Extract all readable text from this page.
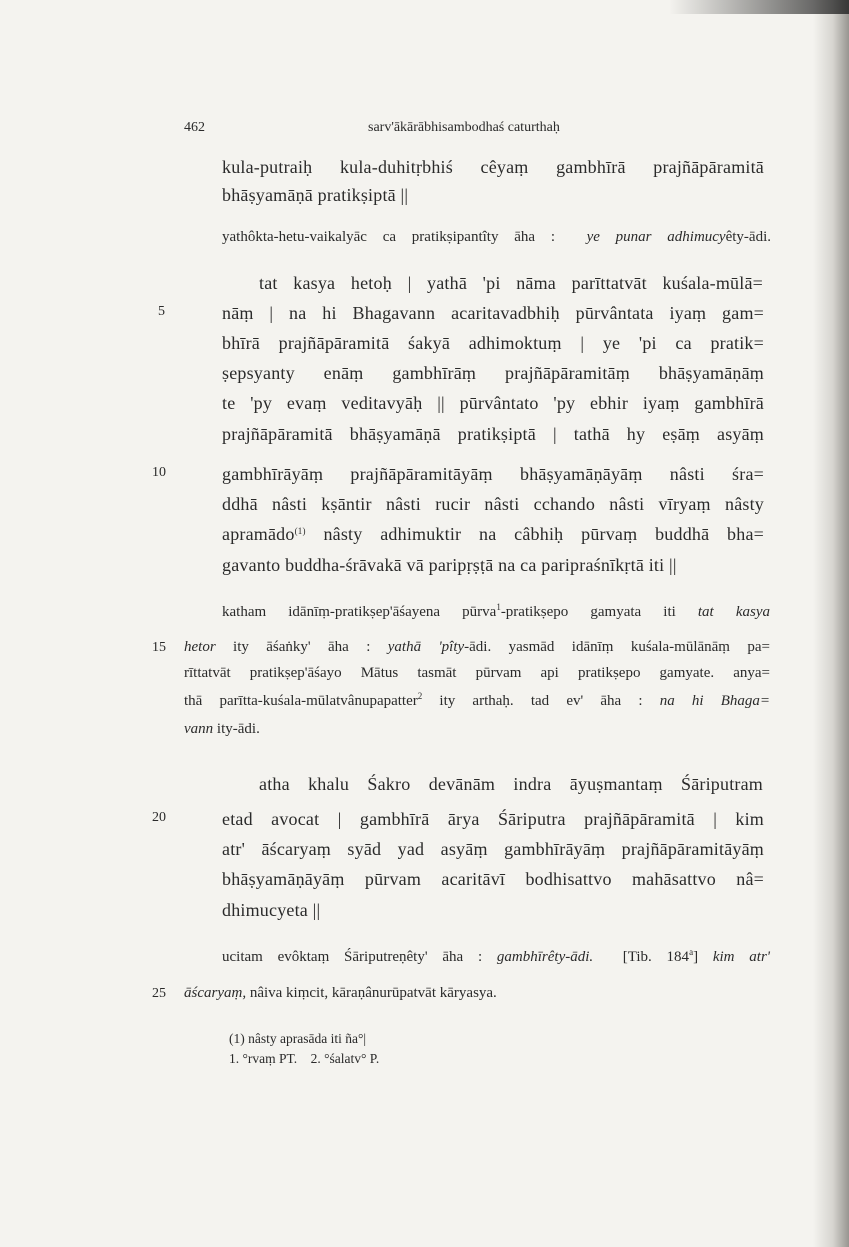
462	sarv'ākārābhisambodhaś caturthaḥ
5
10
15
20
25
kula-putraiḥ kula-duhitṛbhiś cêyaṃ gambhīrā prajñāpāramitā
bhāṣyamāṇā pratikṣiptā ||
yathôkta-hetu-vaikalyāc ca pratikṣipantîty āha : ye punar adhimucyêty-ādi.
tat kasya hetoḥ | yathā 'pi nāma parīttatvāt kuśala-mūlā=
nāṃ | na hi Bhagavann acaritavadbhiḥ pūrvântata iyaṃ gam=
bhīrā prajñāpāramitā śakyā adhimoktuṃ | ye 'pi ca pratik=
ṣepsyanty enāṃ gambhīrāṃ prajñāpāramitāṃ bhāṣyamāṇāṃ
te 'py evaṃ veditavyāḥ || pūrvântato 'py ebhir iyaṃ gambhīrā
prajñāpāramitā bhāṣyamāṇā pratikṣiptā | tathā hy eṣāṃ asyāṃ
gambhīrāyāṃ prajñāpāramitāyāṃ bhāṣyamāṇāyāṃ nâsti śra=
ddhā nâsti kṣāntir nâsti rucir nâsti cchando nâsti vīryaṃ nâsty
apramādo$^{(1)}$ nâsty adhimuktir na câbhiḥ pūrvaṃ buddhā bha=
gavanto buddha-śrāvakā vā paripṛṣṭā na ca paripraśnīkṛtā iti ||
katham idānīṃ-pratikṣep'āśayena pūrva$^1$-pratikṣepo gamyata iti tat kasya
hetor ity āśaṅky' āha : yathā 'pîty-ādi. yasmād idānīṃ kuśala-mūlānāṃ pa=
rīttatvāt pratikṣep'āśayo Mātus tasmāt pūrvam api pratikṣepo gamyate. anya=
thā parītta-kuśala-mūlatvânupapatter$^2$ ity arthaḥ. tad ev' āha : na hi Bhaga=
vann ity-ādi.
atha khalu Śakro devānām indra āyuṣmantaṃ Śāriputram
etad avocat | gambhīrā ārya Śāriputra prajñāpāramitā | kim
atr' āścaryaṃ syād yad asyāṃ gambhīrāyāṃ prajñāpāramitāyāṃ
bhāṣyamāṇāyāṃ pūrvam acaritāvī bodhisattvo mahāsattvo nâ=
dhimucyeta ||
ucitam evôktaṃ Śāriputreṇêty' āha : gambhīrêty-ādi. [Tib. 184$^a$] kim atr'
āścaryaṃ, nâiva kiṃcit, kāraṇânurūpatvāt kāryasya.
(1) nâsty aprasāda iti ña°|
1. °rvaṃ PT.    2. °śalatv° P.
